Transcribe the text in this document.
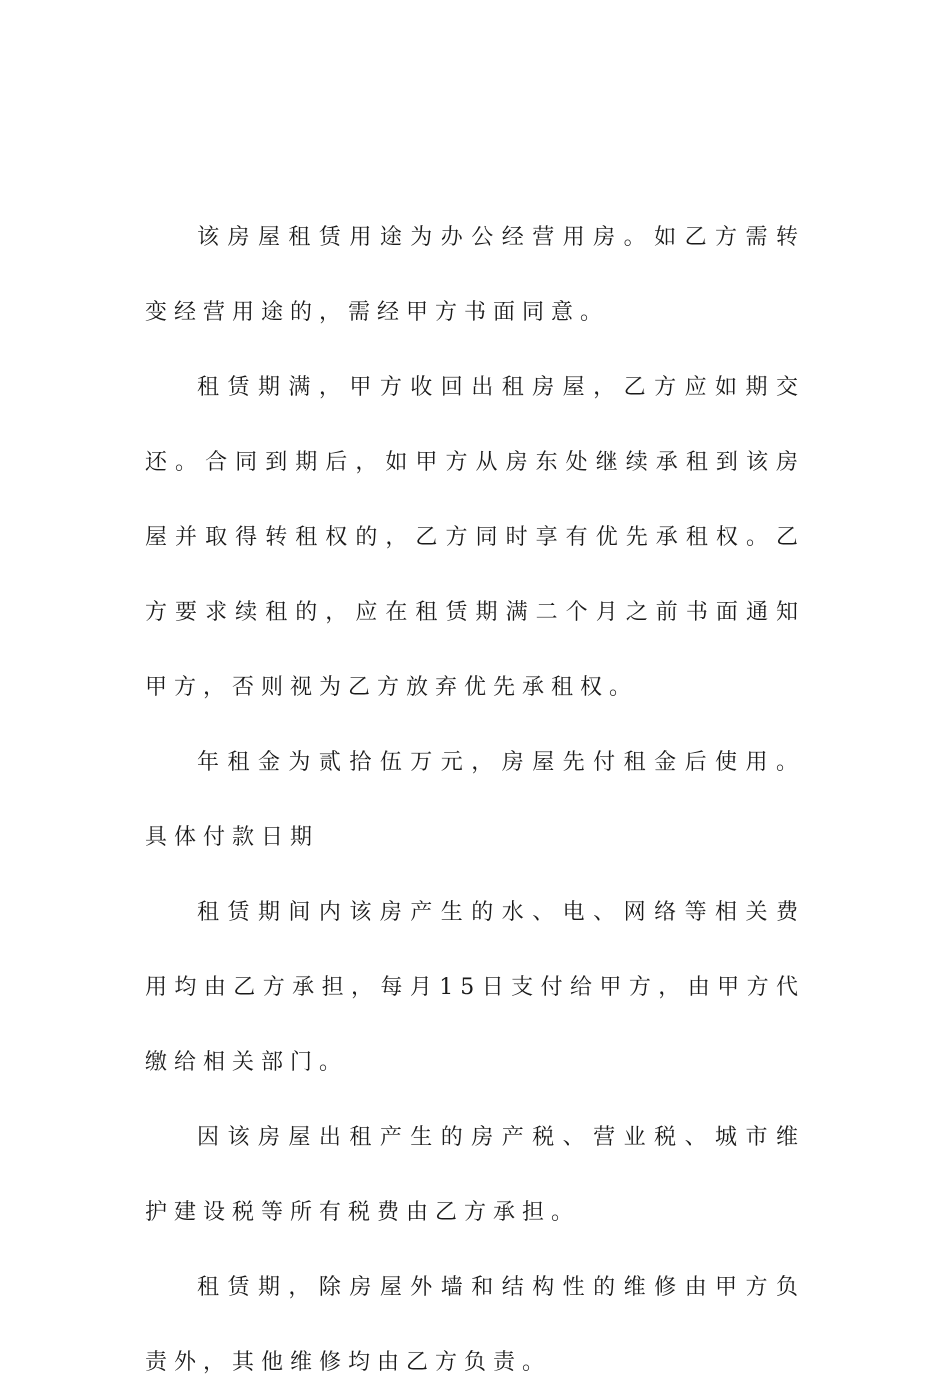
该房屋租赁用途为办公经营用房。如乙方需转变经营用途的，需经甲方书面同意。

租赁期满，甲方收回出租房屋，乙方应如期交还。合同到期后，如甲方从房东处继续承租到该房屋并取得转租权的，乙方同时享有优先承租权。乙方要求续租的，应在租赁期满二个月之前书面通知甲方，否则视为乙方放弃优先承租权。

年租金为贰拾伍万元，房屋先付租金后使用。具体付款日期

租赁期间内该房产生的水、电、网络等相关费用均由乙方承担，每月15日支付给甲方，由甲方代缴给相关部门。

因该房屋出租产生的房产税、营业税、城市维护建设税等所有税费由乙方承担。

租赁期，除房屋外墙和结构性的维修由甲方负责外，其他维修均由乙方负责。
